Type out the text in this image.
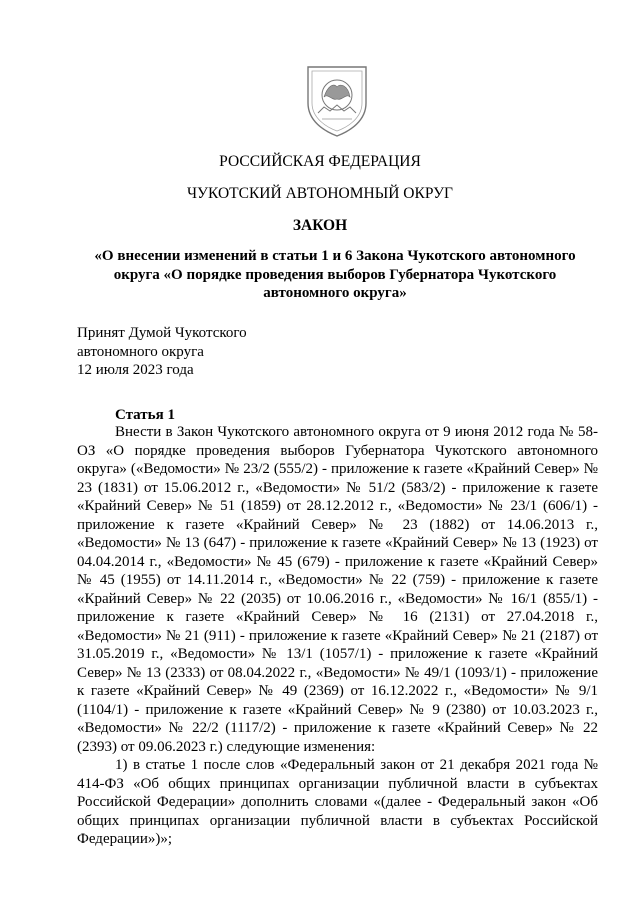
РОССИЙСКАЯ ФЕДЕРАЦИЯ

ЧУКОТСКИЙ АВТОНОМНЫЙ ОКРУГ

ЗАКОН

«О внесении изменений в статьи 1 и 6 Закона Чукотского автономного округа «О порядке проведения выборов Губернатора Чукотского автономного округа»

Принят Думой Чукотского
автономного округа
12 июля 2023 года

Статья 1

Внести в Закон Чукотского автономного округа от 9 июня 2012 года № 58-ОЗ «О порядке проведения выборов Губернатора Чукотского автономного округа» («Ведомости» № 23/2 (555/2) - приложение к газете «Крайний Север» № 23 (1831) от 15.06.2012 г., «Ведомости» № 51/2 (583/2) - приложение к газете «Крайний Север» № 51 (1859) от 28.12.2012 г., «Ведомости» № 23/1 (606/1) - приложение к газете «Крайний Север» № 23 (1882) от 14.06.2013 г., «Ведомости» № 13 (647) - приложение к газете «Крайний Север» № 13 (1923) от 04.04.2014 г., «Ведомости» № 45 (679) - приложение к газете «Крайний Север» № 45 (1955) от 14.11.2014 г., «Ведомости» № 22 (759) - приложение к газете «Крайний Север» № 22 (2035) от 10.06.2016 г., «Ведомости» № 16/1 (855/1) - приложение к газете «Крайний Север» № 16 (2131) от 27.04.2018 г., «Ведомости» № 21 (911) - приложение к газете «Крайний Север» № 21 (2187) от 31.05.2019 г., «Ведомости» № 13/1 (1057/1) - приложение к газете «Крайний Север» № 13 (2333) от 08.04.2022 г., «Ведомости» № 49/1 (1093/1) - приложение к газете «Крайний Север» № 49 (2369) от 16.12.2022 г., «Ведомости» № 9/1 (1104/1) - приложение к газете «Крайний Север» № 9 (2380) от 10.03.2023 г., «Ведомости» № 22/2 (1117/2) - приложение к газете «Крайний Север» № 22 (2393) от 09.06.2023 г.) следующие изменения:

1) в статье 1 после слов «Федеральный закон от 21 декабря 2021 года № 414-ФЗ «Об общих принципах организации публичной власти в субъектах Российской Федерации» дополнить словами «(далее - Федеральный закон «Об общих принципах организации публичной власти в субъектах Российской Федерации»)»;
